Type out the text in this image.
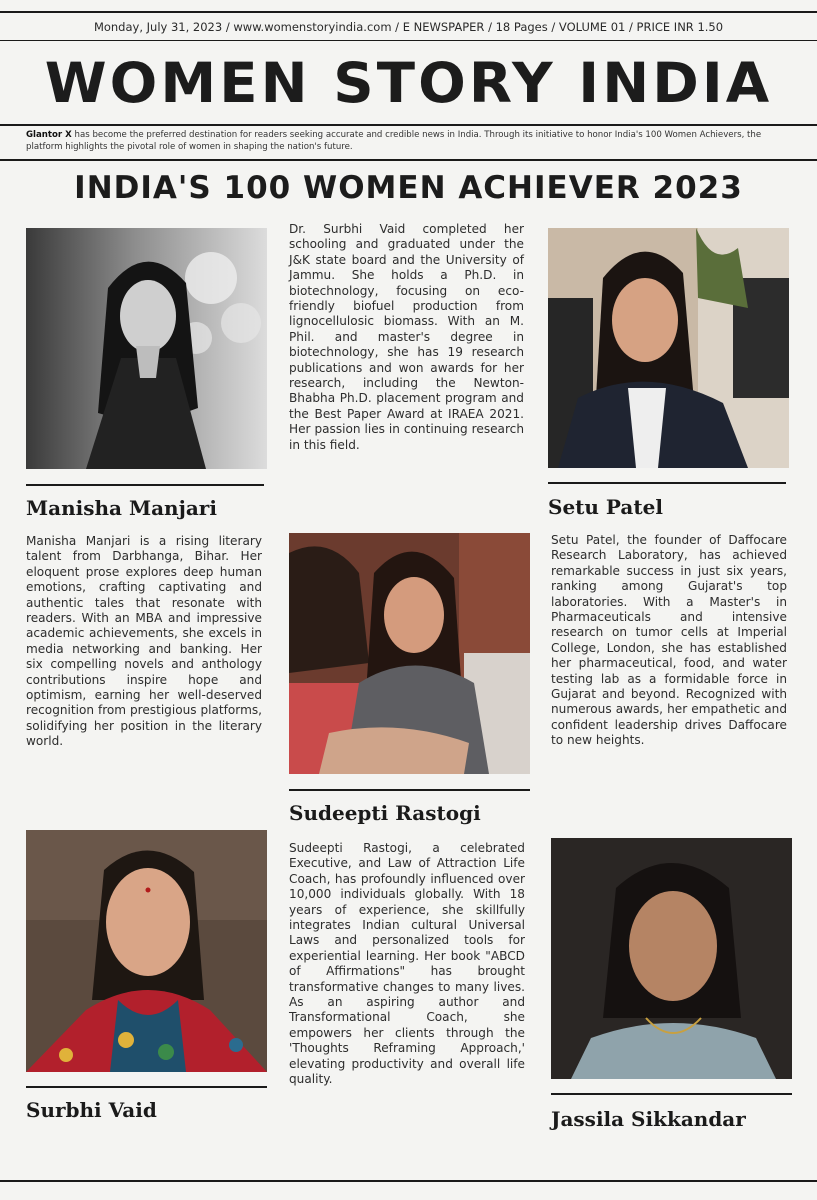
Monday, July 31, 2023 / www.womenstoryindia.com / E NEWSPAPER / 18 Pages / VOLUME 01 / PRICE INR 1.50
WOMEN STORY INDIA
Glantor X has become the preferred destination for readers seeking accurate and credible news in India. Through its initiative to honor India's 100 Women Achievers, the platform highlights the pivotal role of women in shaping the nation's future.
INDIA'S 100 WOMEN ACHIEVER 2023
Manisha Manjari
Manisha Manjari is a rising literary talent from Darbhanga, Bihar. Her eloquent prose explores deep human emotions, crafting captivating and authentic tales that resonate with readers. With an MBA and impressive academic achievements, she excels in media networking and banking. Her six compelling novels and anthology contributions inspire hope and optimism, earning her well-deserved recognition from prestigious platforms, solidifying her position in the literary world.
Surbhi Vaid
Dr. Surbhi Vaid completed her schooling and graduated under the J&K state board and the University of Jammu. She holds a Ph.D. in biotechnology, focusing on eco-friendly biofuel production from lignocellulosic biomass. With an M. Phil. and master's degree in biotechnology, she has 19 research publications and won awards for her research, including the Newton-Bhabha Ph.D. placement program and the Best Paper Award at IRAEA 2021. Her passion lies in continuing research in this field.
Sudeepti Rastogi
Sudeepti Rastogi, a celebrated Executive, and Law of Attraction Life Coach, has profoundly influenced over 10,000 individuals globally. With 18 years of experience, she skillfully integrates Indian cultural Universal Laws and personalized tools for experiential learning. Her book "ABCD of Affirmations" has brought transformative changes to many lives. As an aspiring author and Transformational Coach, she empowers her clients through the 'Thoughts Reframing Approach,' elevating productivity and overall life quality.
Setu Patel
Setu Patel, the founder of Daffocare Research Laboratory, has achieved remarkable success in just six years, ranking among Gujarat's top laboratories. With a Master's in Pharmaceuticals and intensive research on tumor cells at Imperial College, London, she has established her pharmaceutical, food, and water testing lab as a formidable force in Gujarat and beyond. Recognized with numerous awards, her empathetic and confident leadership drives Daffocare to new heights.
Jassila Sikkandar
